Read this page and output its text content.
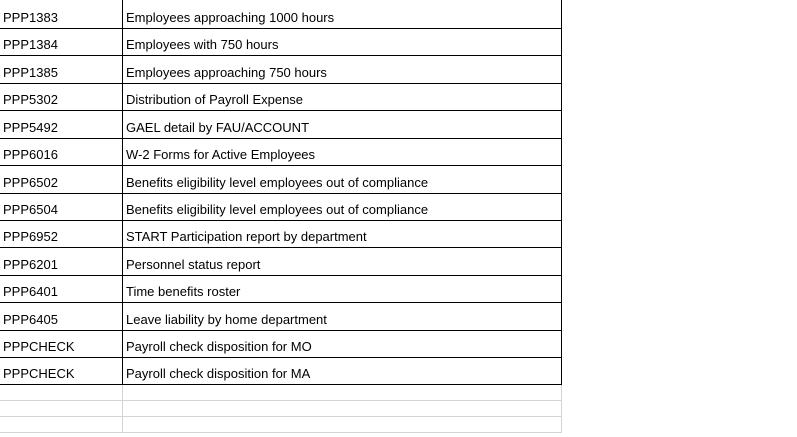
PPP1383	Employees approaching 1000 hours
PPP1384	Employees with 750 hours
PPP1385	Employees approaching 750 hours
PPP5302	Distribution of Payroll Expense
PPP5492	GAEL detail by FAU/ACCOUNT
PPP6016	W-2 Forms for Active Employees
PPP6502	Benefits eligibility level employees out of compliance
PPP6504	Benefits eligibility level employees out of compliance
PPP6952	START Participation report by department
PPP6201	Personnel status report
PPP6401	Time benefits roster
PPP6405	Leave liability by home department
PPPCHECK	Payroll check disposition for MO
PPPCHECK	Payroll check disposition for MA
